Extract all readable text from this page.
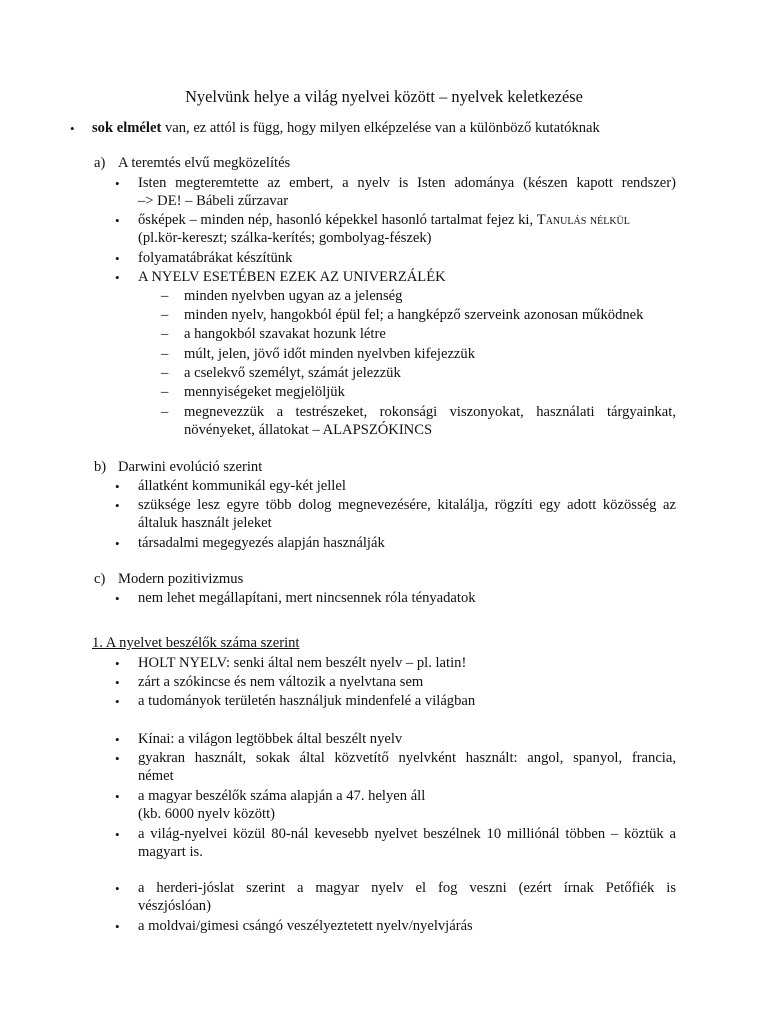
Nyelvünk helye a világ nyelvei között – nyelvek keletkezése
• sok elmélet van, ez attól is függ, hogy milyen elképzelése van a különböző kutatóknak
a) A teremtés elvű megközelítés
• Isten megteremtette az embert, a nyelv is Isten adománya (készen kapott rendszer)
–> DE! – Bábeli zűrzavar
• ősképek – minden nép, hasonló képekkel hasonló tartalmat fejez ki, Tanulás nélkül
(pl.kör-kereszt; szálka-kerítés; gombolyag-fészek)
• folyamatábrákat készítünk
• A NYELV ESETÉBEN EZEK AZ UNIVERZÁLÉK
– minden nyelvben ugyan az a jelenség
– minden nyelv, hangokból épül fel; a hangképző szerveink azonosan működnek
– a hangokból szavakat hozunk létre
– múlt, jelen, jövő időt minden nyelvben kifejezzük
– a cselekvő személyt, számát jelezzük
– mennyiségeket megjelöljük
– megnevezzük a testrészeket, rokonsági viszonyokat, használati tárgyainkat,
növényeket, állatokat – ALAPSZÓKINCS
b) Darwini evolúció szerint
• állatként kommunikál egy-két jellel
• szüksége lesz egyre több dolog megnevezésére, kitalálja, rögzíti egy adott közösség az
általuk használt jeleket
• társadalmi megegyezés alapján használják
c) Modern pozitivizmus
• nem lehet megállapítani, mert nincsennek róla tényadatok
1. A nyelvet beszélők száma szerint
• HOLT NYELV: senki által nem beszélt nyelv – pl. latin!
• zárt a szókincse és nem változik a nyelvtana sem
• a tudományok területén használjuk mindenfelé a világban
• Kínai: a világon legtöbbek által beszélt nyelv
• gyakran használt, sokak által közvetítő nyelvként használt: angol, spanyol, francia,
német
• a magyar beszélők száma alapján a 47. helyen áll
(kb. 6000 nyelv között)
• a világ-nyelvei közül 80-nál kevesebb nyelvet beszélnek 10 milliónál többen – köztük a
magyart is.
• a herderi-jóslat szerint a magyar nyelv el fog veszni (ezért írnak Petőfiék is
vészjóslóan)
• a moldvai/gimesi csángó veszélyeztetett nyelv/nyelvjárás
